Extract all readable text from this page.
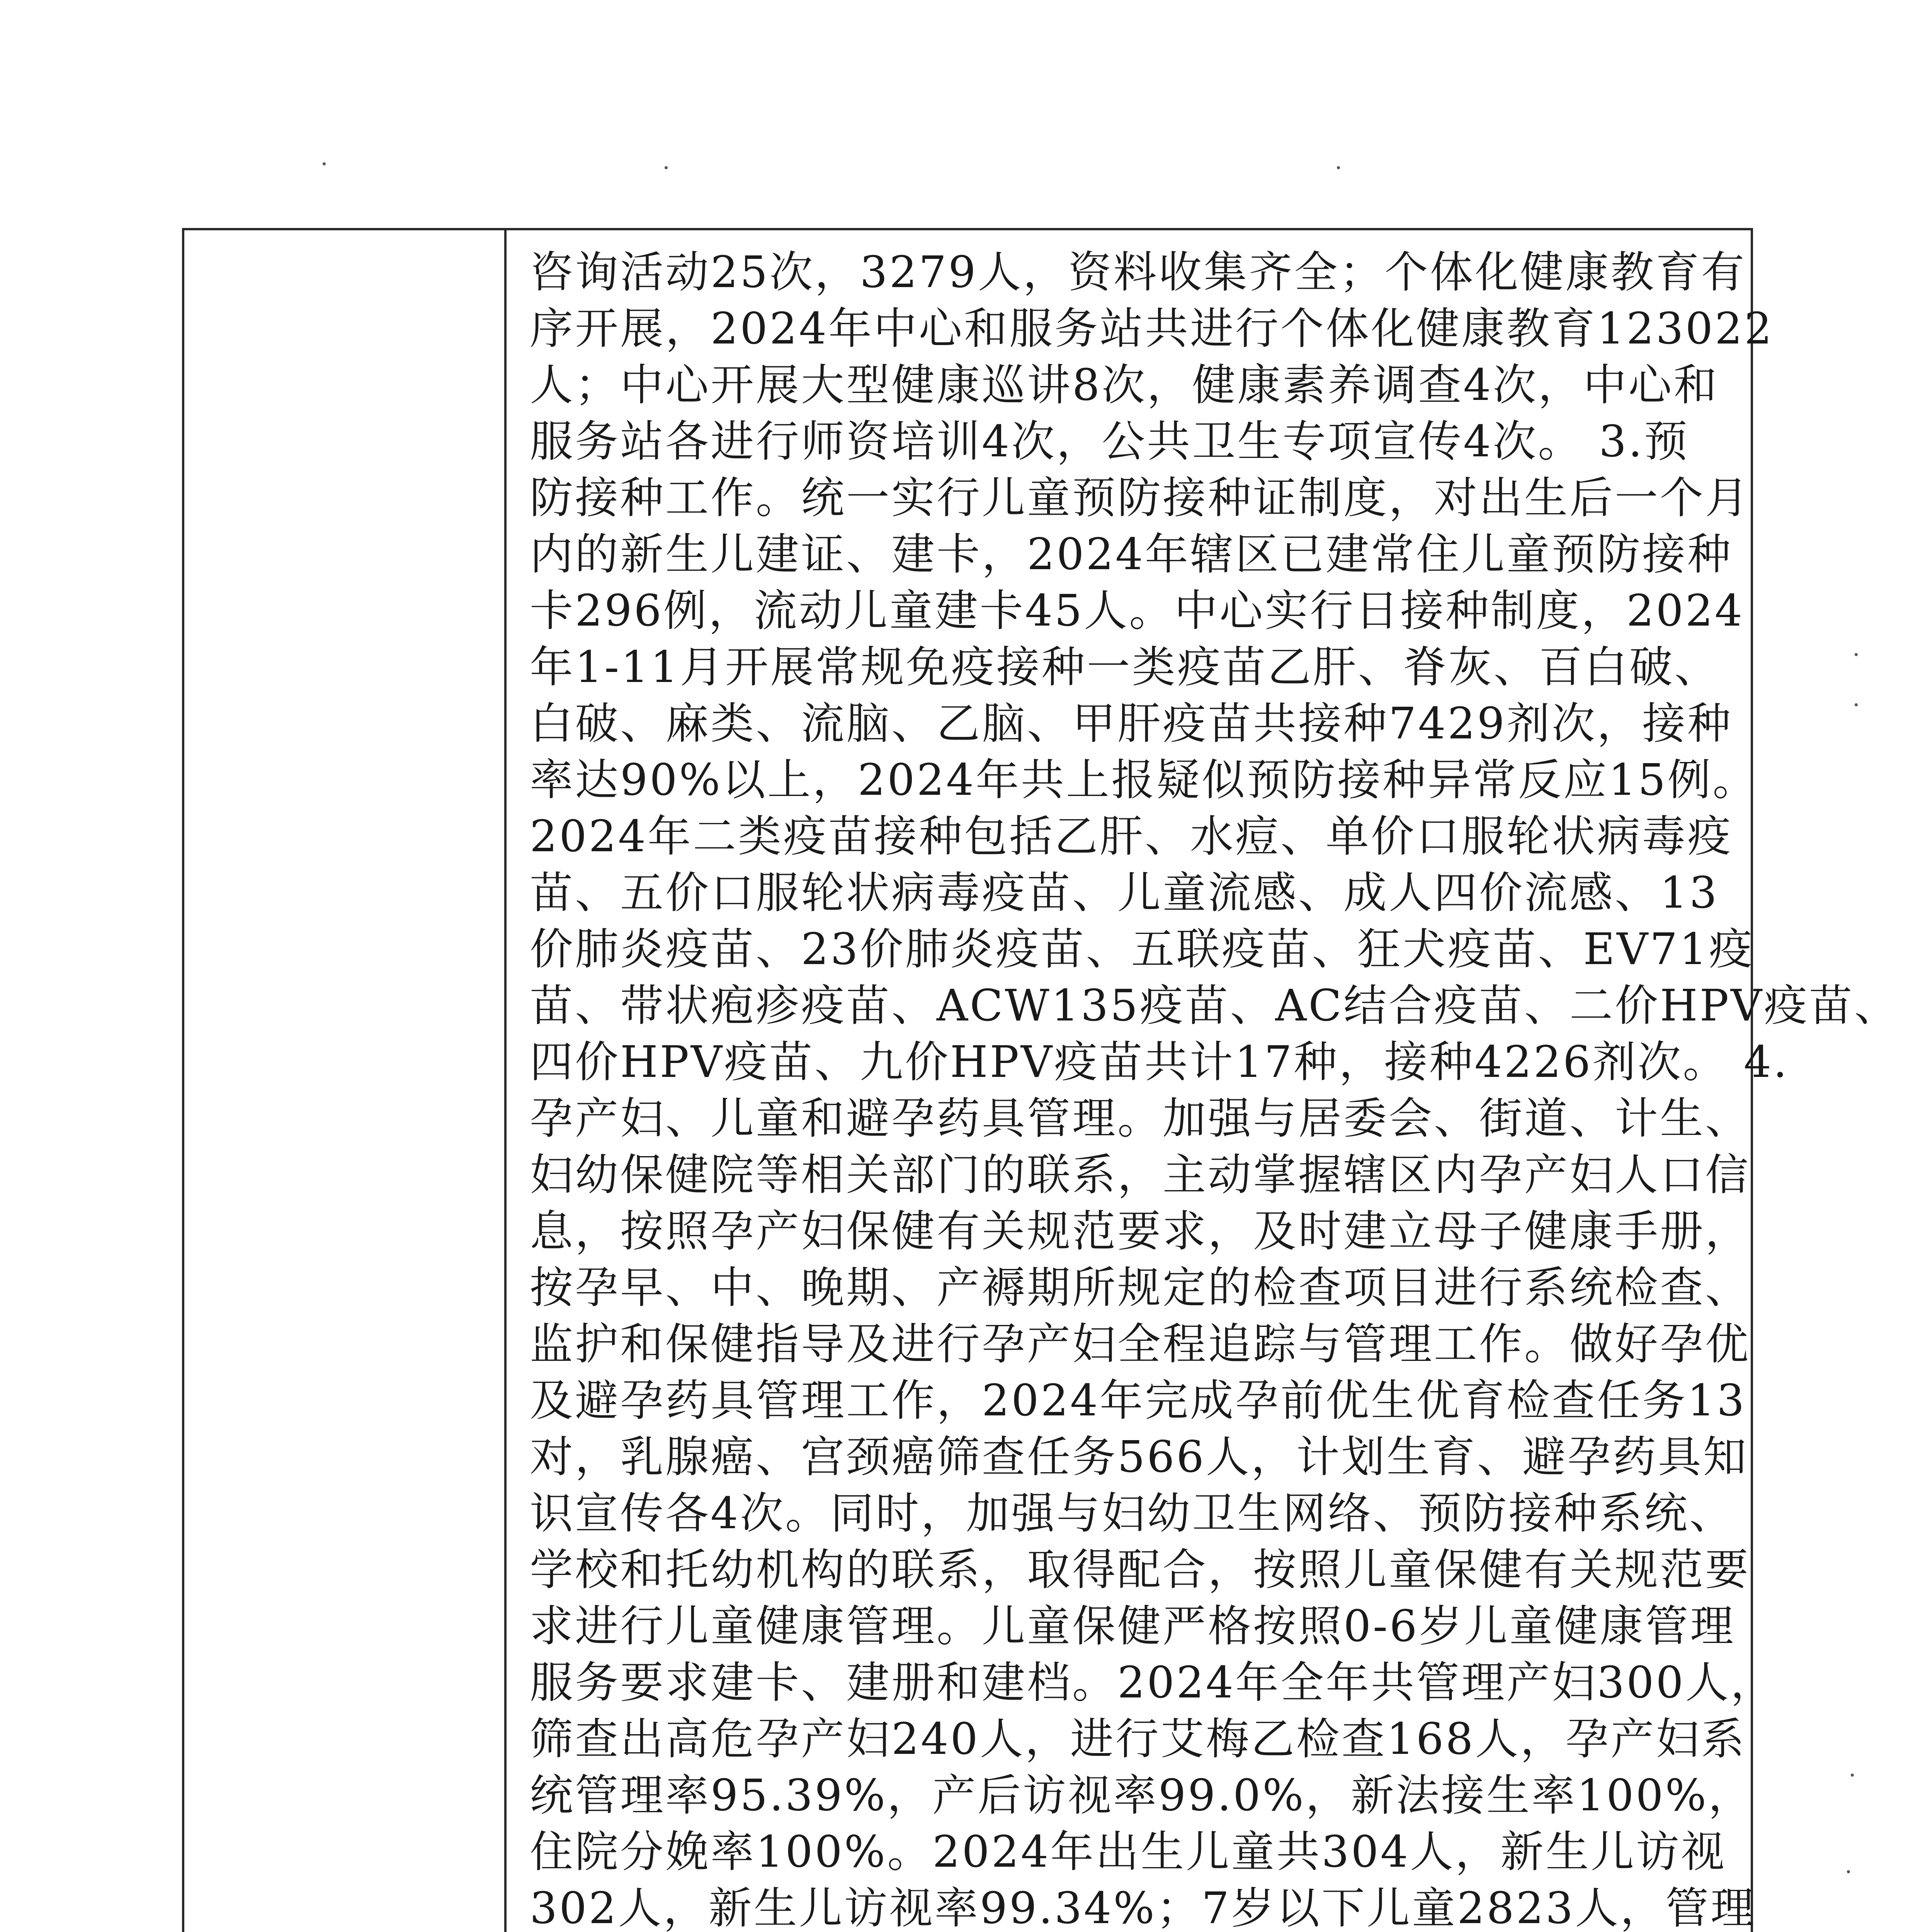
咨询活动25次，3279人，资料收集齐全；个体化健康教育有
序开展，2024年中心和服务站共进行个体化健康教育123022
人；中心开展大型健康巡讲8次，健康素养调查4次，中心和
服务站各进行师资培训4次，公共卫生专项宣传4次。 3.预
防接种工作。统一实行儿童预防接种证制度，对出生后一个月
内的新生儿建证、建卡，2024年辖区已建常住儿童预防接种
卡296例，流动儿童建卡45人。中心实行日接种制度，2024
年1-11月开展常规免疫接种一类疫苗乙肝、脊灰、百白破、
白破、麻类、流脑、乙脑、甲肝疫苗共接种7429剂次，接种
率达90%以上，2024年共上报疑似预防接种异常反应15例。
2024年二类疫苗接种包括乙肝、水痘、单价口服轮状病毒疫
苗、五价口服轮状病毒疫苗、儿童流感、成人四价流感、13
价肺炎疫苗、23价肺炎疫苗、五联疫苗、狂犬疫苗、EV71疫
苗、带状疱疹疫苗、ACW135疫苗、AC结合疫苗、二价HPV疫苗、
四价HPV疫苗、九价HPV疫苗共计17种，接种4226剂次。 4.
孕产妇、儿童和避孕药具管理。加强与居委会、街道、计生、
妇幼保健院等相关部门的联系，主动掌握辖区内孕产妇人口信
息，按照孕产妇保健有关规范要求，及时建立母子健康手册，
按孕早、中、晚期、产褥期所规定的检查项目进行系统检查、
监护和保健指导及进行孕产妇全程追踪与管理工作。做好孕优
及避孕药具管理工作，2024年完成孕前优生优育检查任务13
对，乳腺癌、宫颈癌筛查任务566人，计划生育、避孕药具知
识宣传各4次。同时，加强与妇幼卫生网络、预防接种系统、
学校和托幼机构的联系，取得配合，按照儿童保健有关规范要
求进行儿童健康管理。儿童保健严格按照0-6岁儿童健康管理
服务要求建卡、建册和建档。2024年全年共管理产妇300人，
筛查出高危孕产妇240人，进行艾梅乙检查168人，孕产妇系
统管理率95.39%，产后访视率99.0%，新法接生率100%，
住院分娩率100%。2024年出生儿童共304人，新生儿访视
302人，新生儿访视率99.34%；7岁以下儿童2823人，管理
